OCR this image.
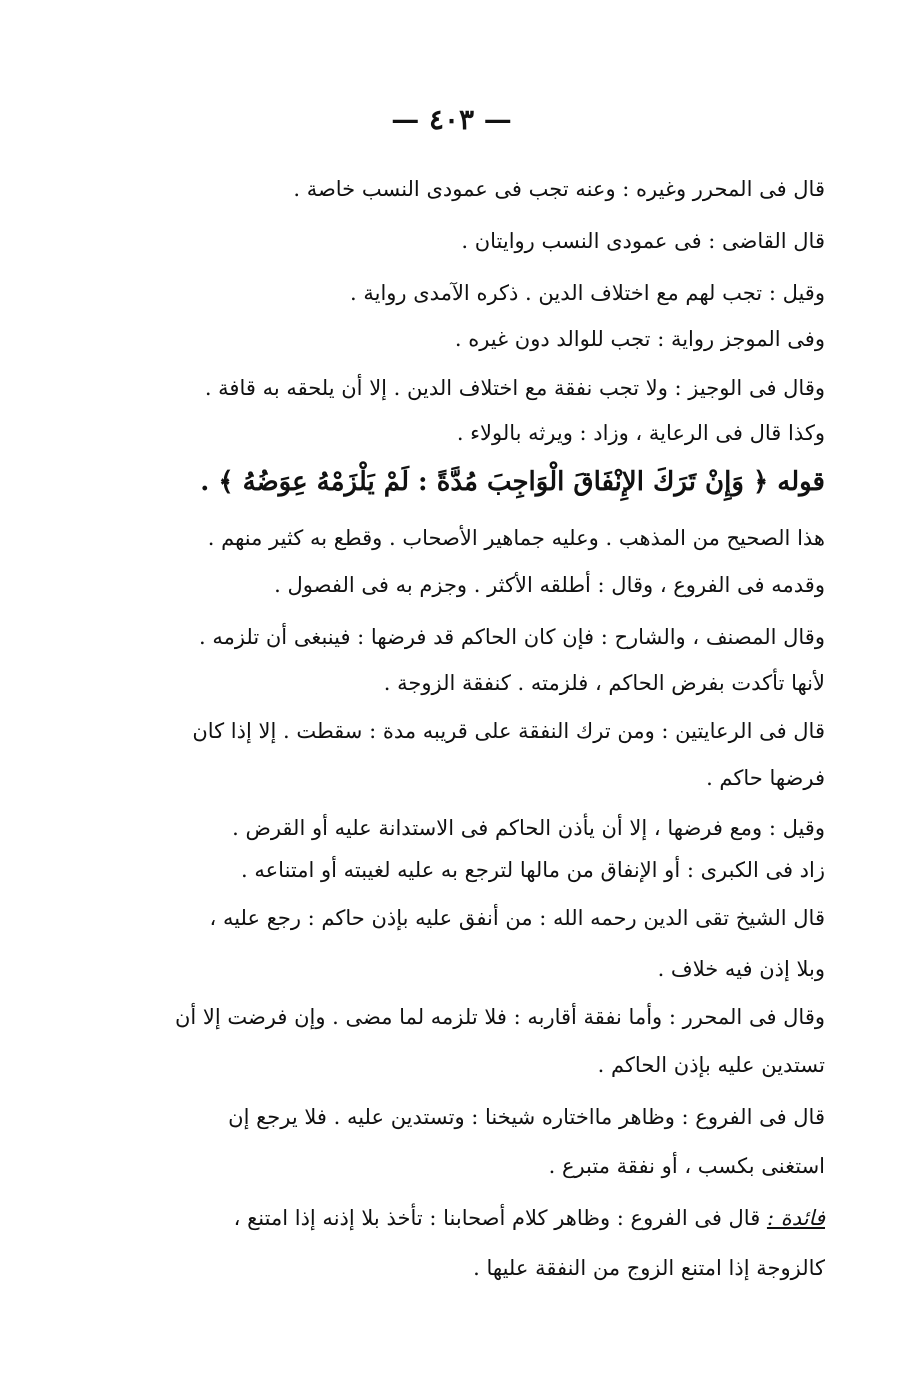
— ٤٠٣ —
قال فى المحرر وغيره : وعنه تجب فى عمودى النسب خاصة .
قال القاضى : فى عمودى النسب روايتان .
وقيل : تجب لهم مع اختلاف الدين . ذكره الآمدى رواية .
وفى الموجز رواية : تجب للوالد دون غيره .
وقال فى الوجيز : ولا تجب نفقة مع اختلاف الدين . إلا أن يلحقه به قافة .
وكذا قال فى الرعاية ، وزاد : ويرثه بالولاء .
قوله ﴿ وَإِنْ تَرَكَ الإِنْفَاقَ الْوَاجِبَ مُدَّةً : لَمْ يَلْزَمْهُ عِوَضُهُ ﴾ .
هذا الصحيح من المذهب . وعليه جماهير الأصحاب . وقطع به كثير منهم .
وقدمه فى الفروع ، وقال : أطلقه الأكثر . وجزم به فى الفصول .
وقال المصنف ، والشارح : فإن كان الحاكم قد فرضها : فينبغى أن تلزمه .
لأنها تأكدت بفرض الحاكم ، فلزمته . كنفقة الزوجة .
قال فى الرعايتين : ومن ترك النفقة على قريبه مدة : سقطت . إلا إذا كان
فرضها حاكم .
وقيل : ومع فرضها ، إلا أن يأذن الحاكم فى الاستدانة عليه أو القرض .
زاد فى الكبرى : أو الإنفاق من مالها لترجع به عليه لغيبته أو امتناعه .
قال الشيخ تقى الدين رحمه الله : من أنفق عليه بإذن حاكم : رجع عليه ،
وبلا إذن فيه خلاف .
وقال فى المحرر : وأما نفقة أقاربه : فلا تلزمه لما مضى . وإن فرضت إلا أن
تستدين عليه بإذن الحاكم .
قال فى الفروع : وظاهر مااختاره شيخنا : وتستدين عليه . فلا يرجع إن
استغنى بكسب ، أو نفقة متبرع .
فائدة : قال فى الفروع : وظاهر كلام أصحابنا : تأخذ بلا إذنه إذا امتنع ،
كالزوجة إذا امتنع الزوج من النفقة عليها .
